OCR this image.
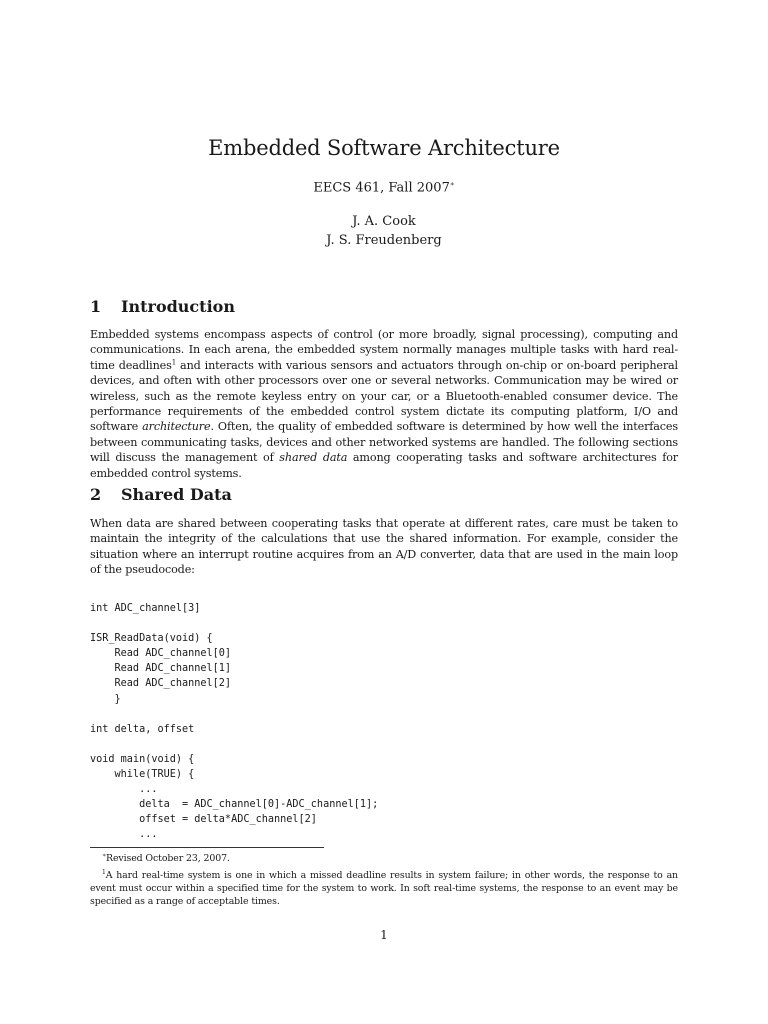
Embedded Software Architecture
EECS 461, Fall 2007∗
J. A. Cook
J. S. Freudenberg
1 Introduction
Embedded systems encompass aspects of control (or more broadly, signal processing), computing and communications. In each arena, the embedded system normally manages multiple tasks with hard real-time deadlines$^1$ and interacts with various sensors and actuators through on-chip or on-board peripheral devices, and often with other processors over one or several networks. Communication may be wired or wireless, such as the remote keyless entry on your car, or a Bluetooth-enabled consumer device. The performance requirements of the embedded control system dictate its computing platform, I/O and software architecture. Often, the quality of embedded software is determined by how well the interfaces between communicating tasks, devices and other networked systems are handled. The following sections will discuss the management of shared data among cooperating tasks and software architectures for embedded control systems.
2 Shared Data
When data are shared between cooperating tasks that operate at different rates, care must be taken to maintain the integrity of the calculations that use the shared information. For example, consider the situation where an interrupt routine acquires from an A/D converter, data that are used in the main loop of the pseudocode:
int ADC_channel[3]

ISR_ReadData(void) {
Read ADC_channel[0]
Read ADC_channel[1]
Read ADC_channel[2]
}

int delta, offset

void main(void) {
while(TRUE) {
...
delta  = ADC_channel[0]-ADC_channel[1];
offset = delta*ADC_channel[2]
...
∗Revised October 23, 2007.
$^1$A hard real-time system is one in which a missed deadline results in system failure; in other words, the response to an event must occur within a specified time for the system to work. In soft real-time systems, the response to an event may be specified as a range of acceptable times.
1
